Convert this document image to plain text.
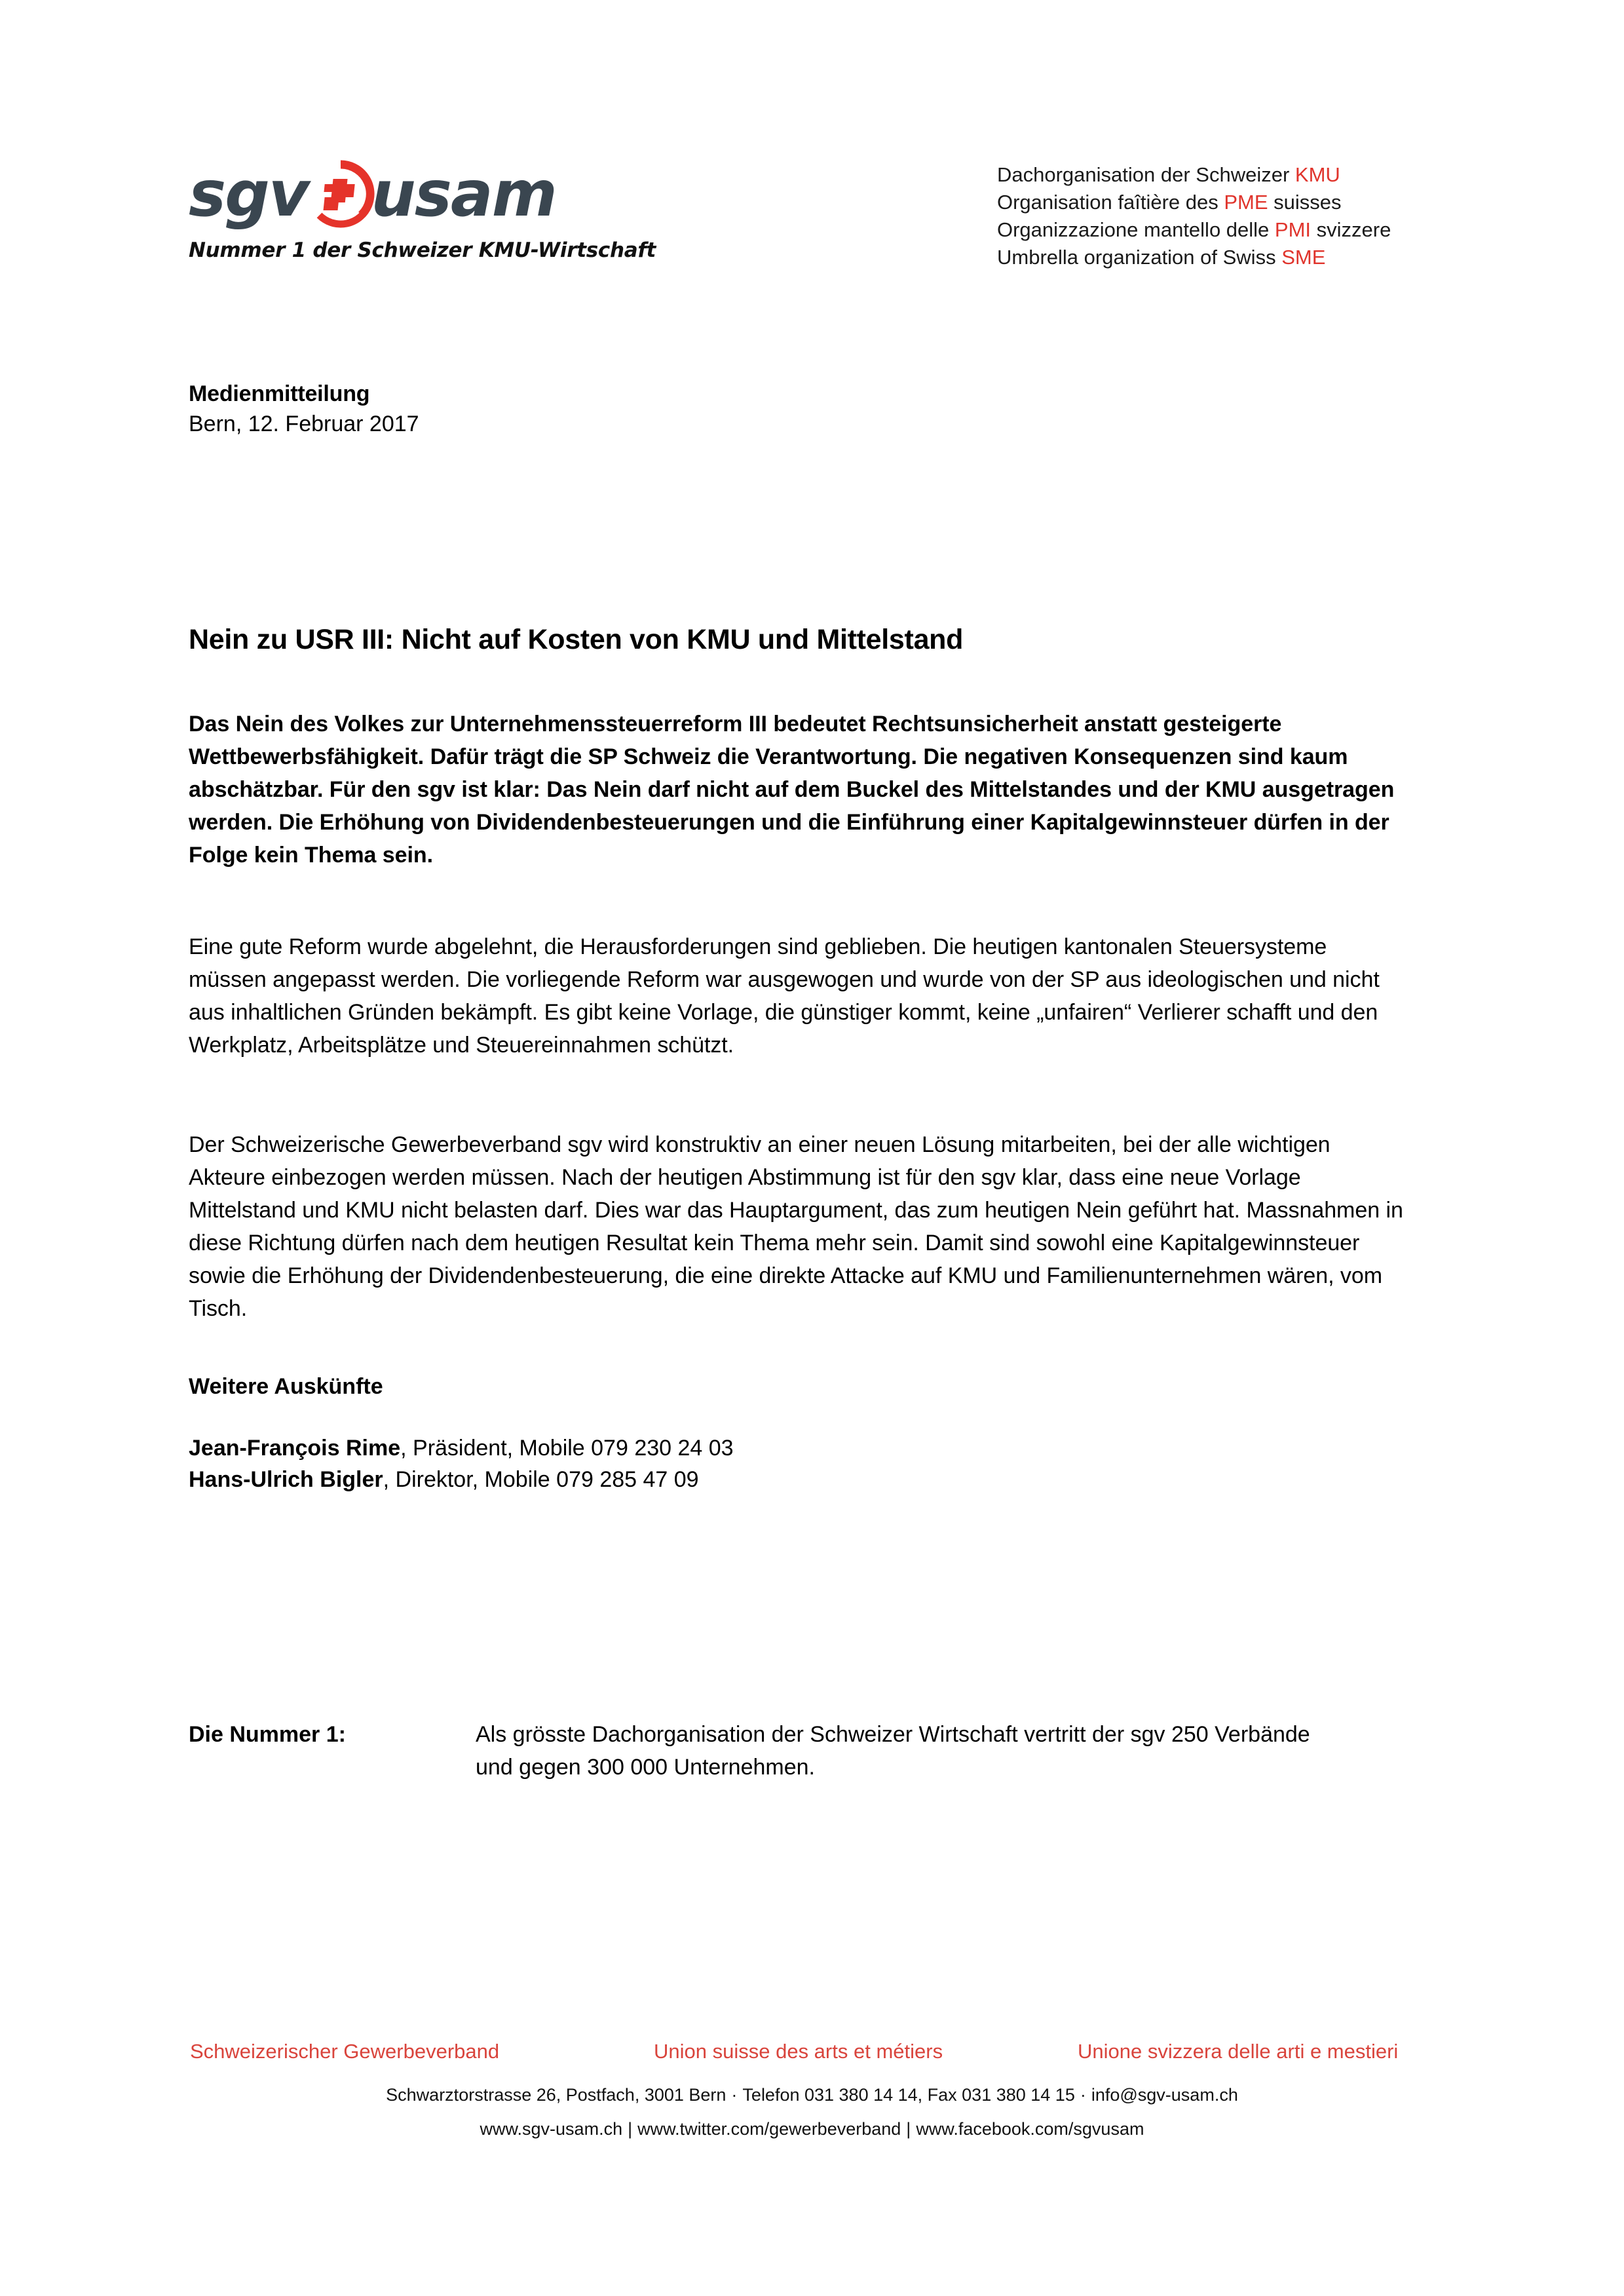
sgv usam
Nummer 1 der Schweizer KMU-Wirtschaft
Dachorganisation der Schweizer KMU
Organisation faîtière des PME suisses
Organizzazione mantello delle PMI svizzere
Umbrella organization of Swiss SME
Medienmitteilung
Bern, 12. Februar 2017
Nein zu USR III: Nicht auf Kosten von KMU und Mittelstand

Das Nein des Volkes zur Unternehmenssteuerreform III bedeutet Rechtsunsicherheit anstatt gesteigerte Wettbewerbsfähigkeit. Dafür trägt die SP Schweiz die Verantwortung. Die negativen Konsequenzen sind kaum abschätzbar. Für den sgv ist klar: Das Nein darf nicht auf dem Buckel des Mittelstandes und der KMU ausgetragen werden. Die Erhöhung von Dividendenbesteuerungen und die Einführung einer Kapitalgewinnsteuer dürfen in der Folge kein Thema sein.

Eine gute Reform wurde abgelehnt, die Herausforderungen sind geblieben. Die heutigen kantonalen Steuersysteme müssen angepasst werden. Die vorliegende Reform war ausgewogen und wurde von der SP aus ideologischen und nicht aus inhaltlichen Gründen bekämpft. Es gibt keine Vorlage, die günstiger kommt, keine „unfairen“ Verlierer schafft und den Werkplatz, Arbeitsplätze und Steuereinnahmen schützt.

Der Schweizerische Gewerbeverband sgv wird konstruktiv an einer neuen Lösung mitarbeiten, bei der alle wichtigen Akteure einbezogen werden müssen. Nach der heutigen Abstimmung ist für den sgv klar, dass eine neue Vorlage Mittelstand und KMU nicht belasten darf. Dies war das Hauptargument, das zum heutigen Nein geführt hat. Massnahmen in diese Richtung dürfen nach dem heutigen Resultat kein Thema mehr sein. Damit sind sowohl eine Kapitalgewinnsteuer sowie die Erhöhung der Dividendenbesteuerung, die eine direkte Attacke auf KMU und Familienunternehmen wären, vom Tisch.

Weitere Auskünfte
Jean-François Rime, Präsident, Mobile 079 230 24 03
Hans-Ulrich Bigler, Direktor, Mobile 079 285 47 09
Die Nummer 1:	Als grösste Dachorganisation der Schweizer Wirtschaft vertritt der sgv 250 Verbände und gegen 300 000 Unternehmen.
Schweizerischer Gewerbeverband	Union suisse des arts et métiers	Unione svizzera delle arti e mestieri
Schwarztorstrasse 26, Postfach, 3001 Bern · Telefon 031 380 14 14, Fax 031 380 14 15 · info@sgv-usam.ch
www.sgv-usam.ch | www.twitter.com/gewerbeverband | www.facebook.com/sgvusam
